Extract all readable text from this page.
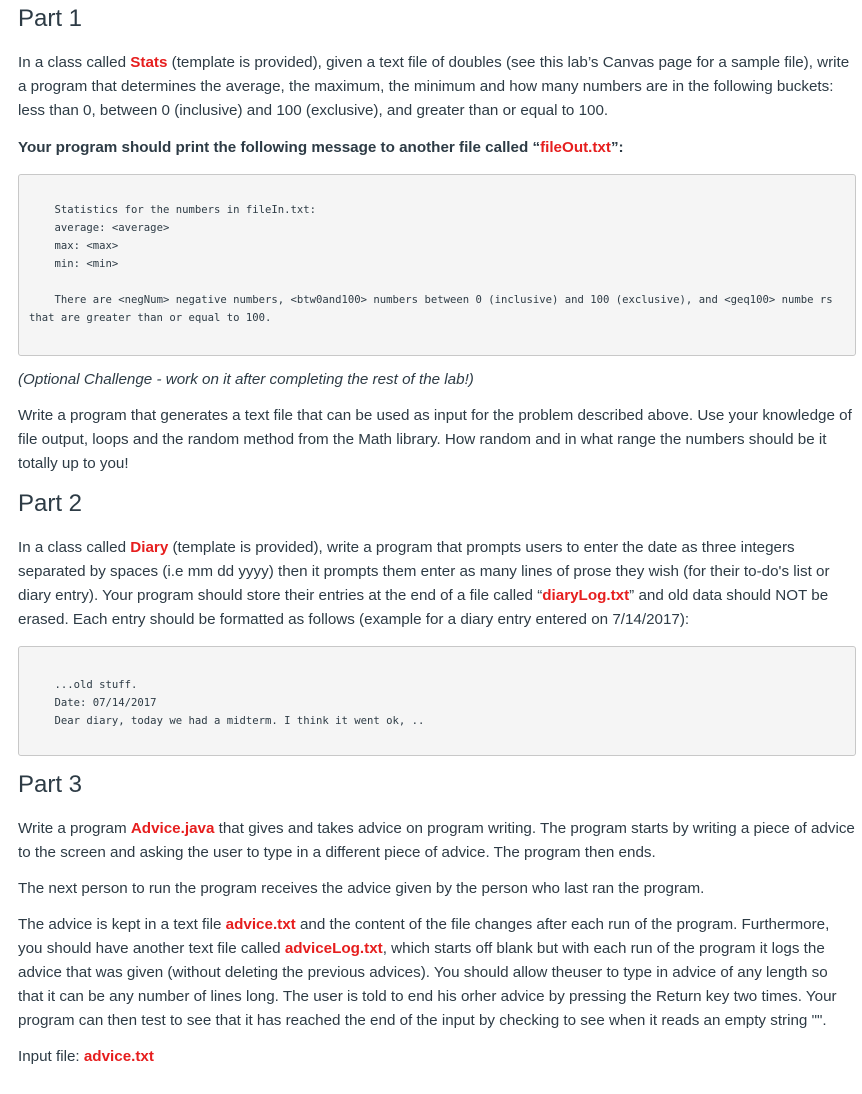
Part 1

In a class called Stats (template is provided), given a text file of doubles (see this lab’s Canvas page for a sample file), write a program that determines the average, the maximum, the minimum and how many numbers are in the following buckets: less than 0, between 0 (inclusive) and 100 (exclusive), and greater than or equal to 100.

Your program should print the following message to another file called “fileOut.txt”:

Statistics for the numbers in fileIn.txt:
average: <average>
max: <max>
min: <min>
There are <negNum> negative numbers, <btw0and100> numbers between 0 (inclusive) and 100 (exclusive), and <geq100> numbe rs that are greater than or equal to 100.

(Optional Challenge - work on it after completing the rest of the lab!)

Write a program that generates a text file that can be used as input for the problem described above. Use your knowledge of file output, loops and the random method from the Math library. How random and in what range the numbers should be it totally up to you!

Part 2

In a class called Diary (template is provided), write a program that prompts users to enter the date as three integers separated by spaces (i.e mm dd yyyy) then it prompts them enter as many lines of prose they wish (for their to-do's list or diary entry). Your program should store their entries at the end of a file called “diaryLog.txt” and old data should NOT be erased. Each entry should be formatted as follows (example for a diary entry entered on 7/14/2017):

...old stuff.
Date: 07/14/2017
Dear diary, today we had a midterm. I think it went ok, ..
Part 3

Write a program Advice.java that gives and takes advice on program writing. The program starts by writing a piece of advice to the screen and asking the user to type in a different piece of advice. The program then ends.

The next person to run the program receives the advice given by the person who last ran the program.

The advice is kept in a text file advice.txt and the content of the file changes after each run of the program. Furthermore, you should have another text file called adviceLog.txt, which starts off blank but with each run of the program it logs the advice that was given (without deleting the previous advices). You should allow theuser to type in advice of any length so that it can be any number of lines long. The user is told to end his orher advice by pressing the Return key two times. Your program can then test to see that it has reached the end of the input by checking to see when it reads an empty string "".

Input file: advice.txt
